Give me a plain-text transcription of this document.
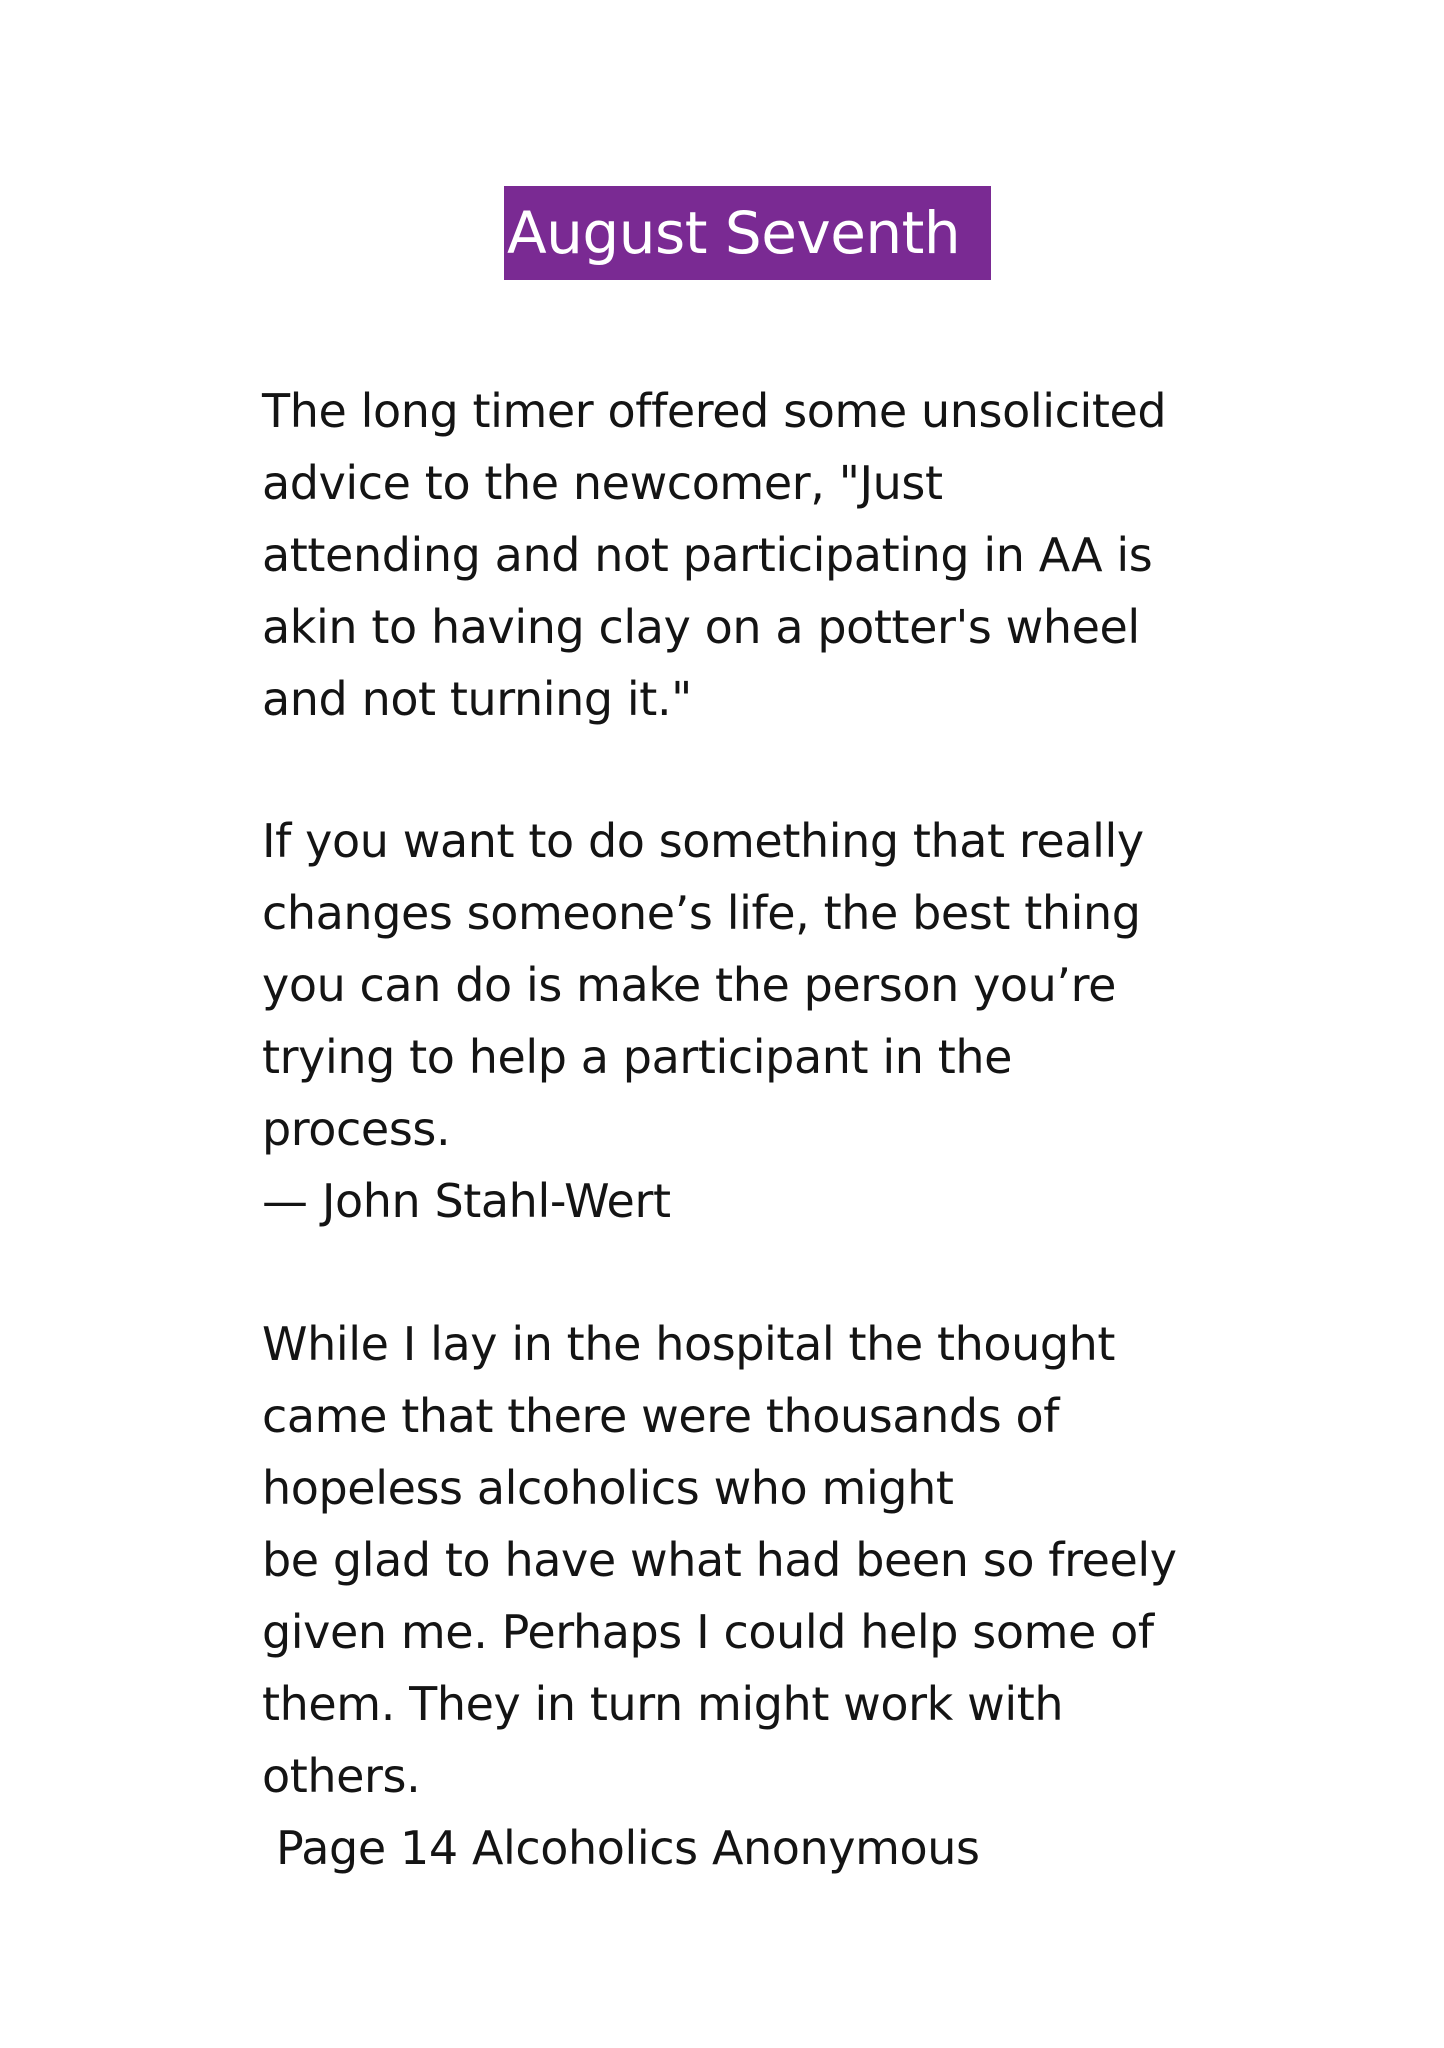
August Seventh
The long timer offered some unsolicited
advice to the newcomer, "Just
attending and not participating in AA is
akin to having clay on a potter's wheel
and not turning it."
If you want to do something that really
changes someone’s life, the best thing
you can do is make the person you’re
trying to help a participant in the
process.
— John Stahl-Wert
While I lay in the hospital the thought
came that there were thousands of
hopeless alcoholics who might
be glad to have what had been so freely
given me. Perhaps I could help some of
them. They in turn might work with
others.
Page 14 Alcoholics Anonymous
